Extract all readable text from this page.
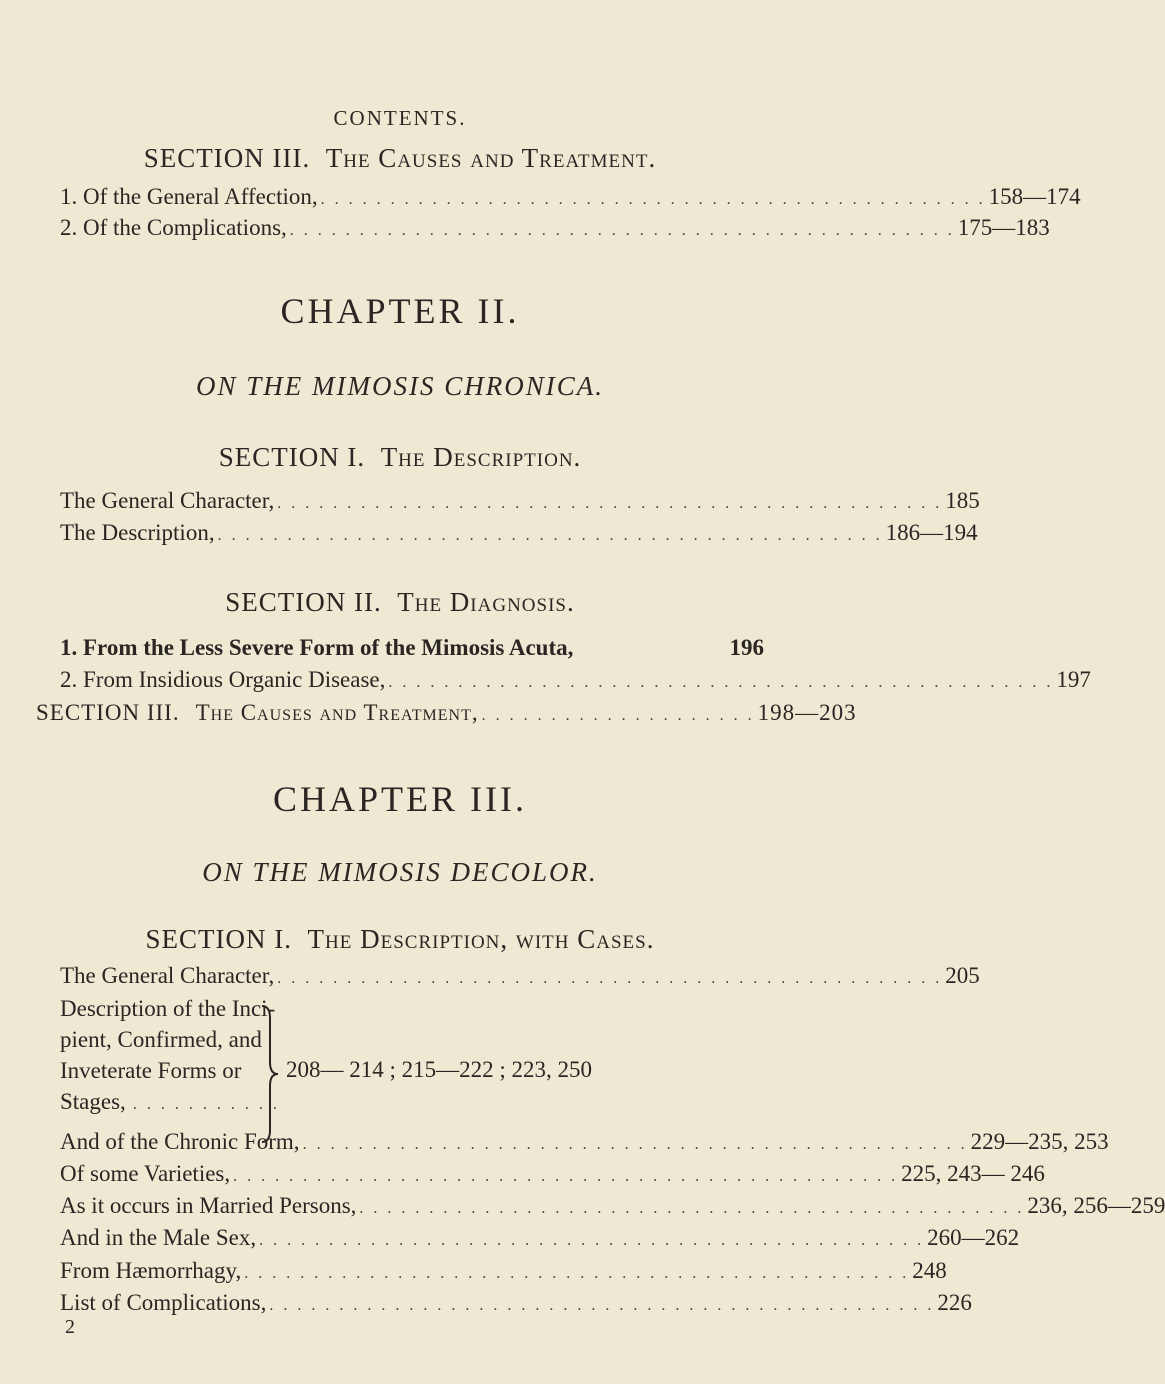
CONTENTS.
SECTION III. The Causes and Treatment.
1. Of the General Affection, . . . . . . . . . . . . . . . . . . . . . . . . . . . . . . . . . . . . . . . . . . . . . . . . 158—174
2. Of the Complications, . . . . . . . . . . . . . . . . . . . . . . . . . . . . . . . . . . . . . . . . . . . . . . . . 175—183
CHAPTER II.
ON THE MIMOSIS CHRONICA.
SECTION I. The Description.
The General Character, . . . . . . . . . . . . . . . . . . . . . . . . . . . . . . . . . . . . . . . . . . . . . . . . 185
The Description, . . . . . . . . . . . . . . . . . . . . . . . . . . . . . . . . . . . . . . . . . . . . . . . . 186—194
SECTION II. The Diagnosis.
1. From the Less Severe Form of the Mimosis Acuta,	196
2. From Insidious Organic Disease, . . . . . . . . . . . . . . . . . . . . . . . . . . . . . . . . . . . . . . . . . . . . . . . . 197
SECTION III. The Causes and Treatment, . . . . . . . . . . . . . . . . . . . . 198—203
CHAPTER III.
ON THE MIMOSIS DECOLOR.
SECTION I. The Description, with Cases.
The General Character, . . . . . . . . . . . . . . . . . . . . . . . . . . . . . . . . . . . . . . . . . . . . . . . . 205
Description of the Inci-
pient, Confirmed, and
Inveterate Forms or
Stages, . . . . . . . . . . .
208— 214 ; 215—222 ; 223, 250
And of the Chronic Form, . . . . . . . . . . . . . . . . . . . . . . . . . . . . . . . . . . . . . . . . . . . . . . . . 229—235, 253
Of some Varieties, . . . . . . . . . . . . . . . . . . . . . . . . . . . . . . . . . . . . . . . . . . . . . . . . 225, 243— 246
As it occurs in Married Persons, . . . . . . . . . . . . . . . . . . . . . . . . . . . . . . . . . . . . . . . . . . . . . . . . 236, 256—259
And in the Male Sex, . . . . . . . . . . . . . . . . . . . . . . . . . . . . . . . . . . . . . . . . . . . . . . . . 260—262
From Hæmorrhagy, . . . . . . . . . . . . . . . . . . . . . . . . . . . . . . . . . . . . . . . . . . . . . . . . 248
List of Complications, . . . . . . . . . . . . . . . . . . . . . . . . . . . . . . . . . . . . . . . . . . . . . . . . 226
2
